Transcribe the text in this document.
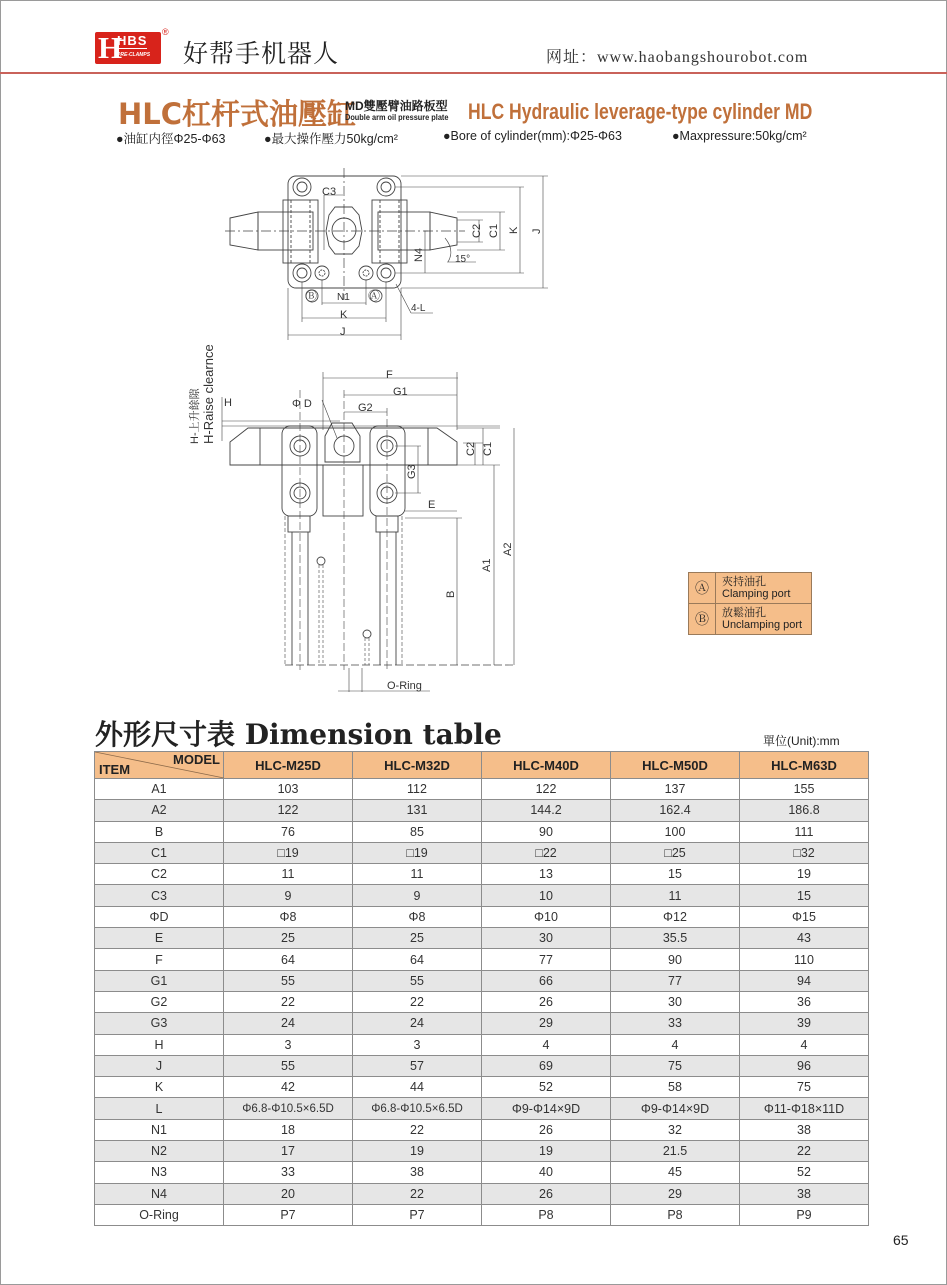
H
HBS
PRE-CLAMPS
®
好帮手机器人	网址：www.haobangshourobot.com
HLC杠杆式油壓缸
MD雙壓臂油路板型
Double arm oil pressure plate HLC Hydraulic leverage-type cylinder MD
●油缸内徑Φ25-Φ63	●最大操作壓力50kg/cm²	●Bore of cylinder(mm):Φ25-Φ63	●Maxpressure:50kg/cm²
C3
C2 C1 K J
N4	15°
N1
4-L
Ⓑ	Ⓐ
K
J
H-上升餘隙 H-Raise clearnce H
F
G1
G2
Φ D
G3
E
C2 C1
A1
A2
B
O-Ring
Ⓐ	夾持油孔
Clamping port
Ⓑ	放鬆油孔
Unclamping port
外形尺寸表 Dimension table	單位(Unit):mm
MODEL
ITEM	HLC-M25D	HLC-M32D	HLC-M40D	HLC-M50D	HLC-M63D
A1	103	112	122	137	155
A2	122	131	144.2	162.4	186.8
B	76	85	90	100	111
C1	□19	□19	□22	□25	□32
C2	11	11	13	15	19
C3	9	9	10	11	15
ΦD	Φ8	Φ8	Φ10	Φ12	Φ15
E	25	25	30	35.5	43
F	64	64	77	90	110
G1	55	55	66	77	94
G2	22	22	26	30	36
G3	24	24	29	33	39
H	3	3	4	4	4
J	55	57	69	75	96
K	42	44	52	58	75
L	Φ6.8-Φ10.5×6.5D	Φ6.8-Φ10.5×6.5D	Φ9-Φ14×9D	Φ9-Φ14×9D	Φ11-Φ18×11D
N1	18	22	26	32	38
N2	17	19	19	21.5	22
N3	33	38	40	45	52
N4	20	22	26	29	38
O-Ring	P7	P7	P8	P8	P9
65
